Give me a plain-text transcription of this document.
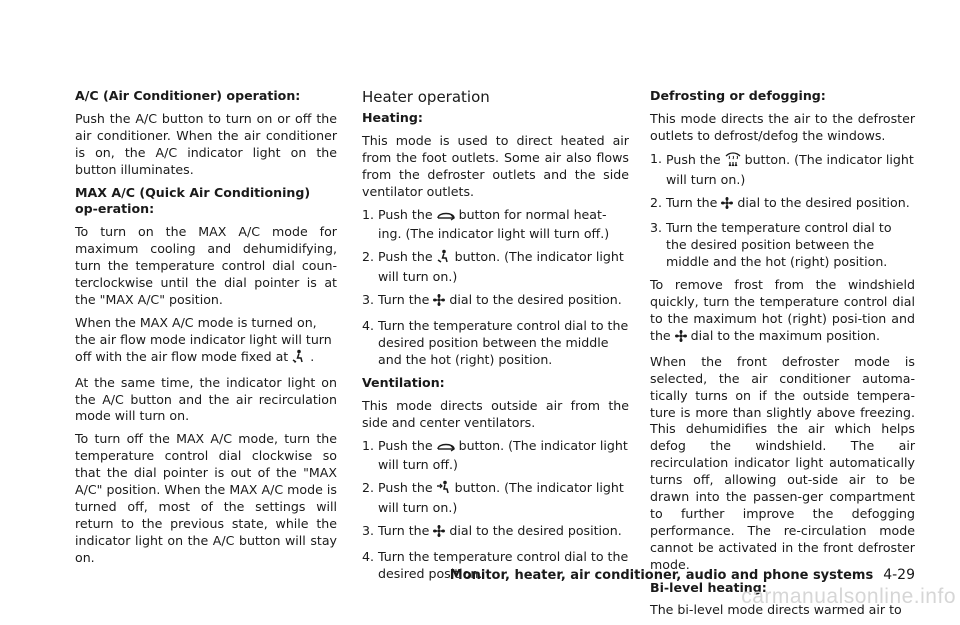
A/C (Air Conditioner) operation:

Push the A/C button to turn on or off the air conditioner. When the air conditioner is on, the A/C indicator light on the button illuminates.

MAX A/C (Quick Air Conditioning) op-eration:

To turn on the MAX A/C mode for maximum cooling and dehumidifying, turn the temperature control dial coun-terclockwise until the dial pointer is at the "MAX A/C" position.

When the MAX A/C mode is turned on, the air flow mode indicator light will turn off with the air flow mode fixed at .

At the same time, the indicator light on the A/C button and the air recirculation mode will turn on.

To turn off the MAX A/C mode, turn the temperature control dial clockwise so that the dial pointer is out of the "MAX A/C" position. When the MAX A/C mode is turned off, most of the settings will return to the previous state, while the indicator light on the A/C button will stay on.

Heater operation
Heating:

This mode is used to direct heated air from the foot outlets. Some air also flows from the defroster outlets and the side ventilator outlets.

1. Push the button for normal heat-ing. (The indicator light will turn off.)
2. Push the button. (The indicator light will turn on.)
3. Turn the dial to the desired position.
4. Turn the temperature control dial to the desired position between the middle and the hot (right) position.
Ventilation:

This mode directs outside air from the side and center ventilators.

1. Push the button. (The indicator light will turn off.)
2. Push the button. (The indicator light will turn on.)
3. Turn the dial to the desired position.
4. Turn the temperature control dial to the desired position.
Defrosting or defogging:

This mode directs the air to the defroster outlets to defrost/defog the windows.

1. Push the button. (The indicator light will turn on.)
2. Turn the dial to the desired position.
3. Turn the temperature control dial to the desired position between the middle and the hot (right) position.

To remove frost from the windshield quickly, turn the temperature control dial to the maximum hot (right) posi-tion and the dial to the maximum position.

When the front defroster mode is selected, the air conditioner automa-tically turns on if the outside tempera-ture is more than slightly above freezing. This dehumidifies the air which helps defog the windshield. The air recirculation indicator light automatically turns off, allowing out-side air to be drawn into the passen-ger compartment to further improve the defogging performance. The re-circulation mode cannot be activated in the front defroster mode.

Bi-level heating:

The bi-level mode directs warmed air to

Monitor, heater, air conditioner, audio and phone systems 4-29
carmanualsonline.info
